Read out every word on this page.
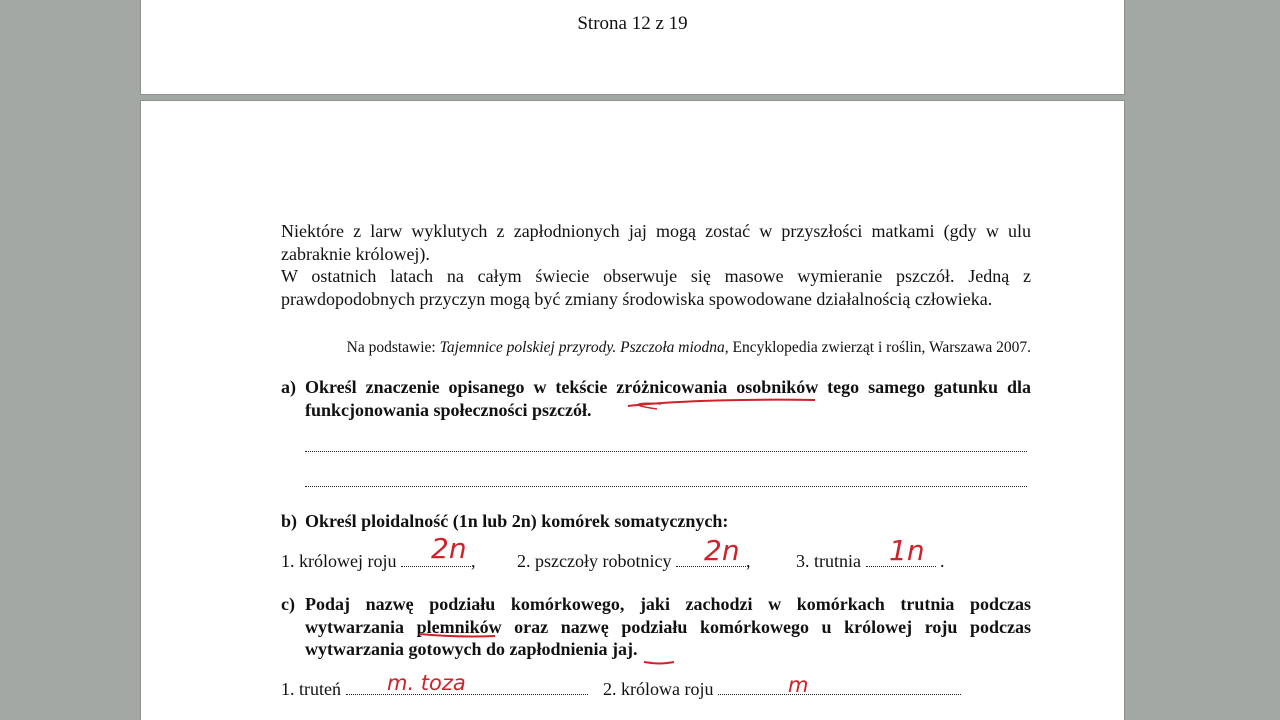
Strona 12 z 19
Niektóre z larw wyklutych z zapłodnionych jaj mogą zostać w przyszłości matkami (gdy w ulu zabraknie królowej).
W ostatnich latach na całym świecie obserwuje się masowe wymieranie pszczół. Jedną z prawdopodobnych przyczyn mogą być zmiany środowiska spowodowane działalnością człowieka.
Na podstawie: Tajemnice polskiej przyrody. Pszczoła miodna, Encyklopedia zwierząt i roślin, Warszawa 2007.
a) Określ znaczenie opisanego w tekście zróżnicowania osobników tego samego gatunku dla funkcjonowania społeczności pszczół.
b) Określ ploidalność (1n lub 2n) komórek somatycznych:
1. królowej roju	, 2. pszczoły robotnicy	,	3. trutnia	.
2n	2n	1n
c) Podaj nazwę podziału komórkowego, jaki zachodzi w komórkach trutnia podczas wytwarzania plemników oraz nazwę podziału komórkowego u królowej roju podczas wytwarzania gotowych do zapłodnienia jaj.
1. truteń	2. królowa roju
m. toza	m
